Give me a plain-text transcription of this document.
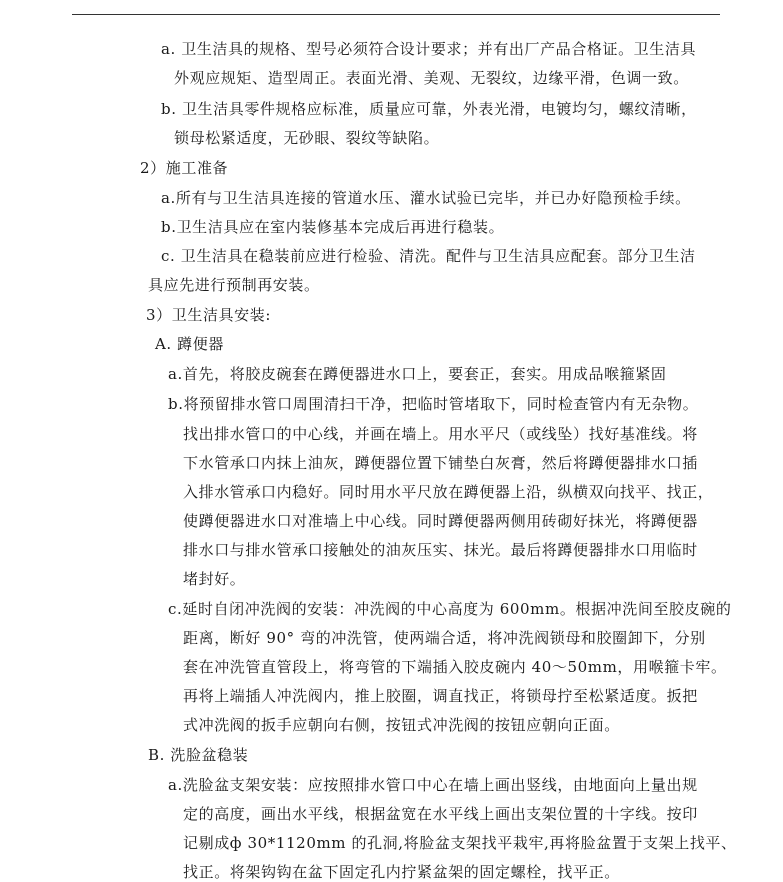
a. 卫生洁具的规格、型号必须符合设计要求；并有出厂产品合格证。卫生洁具
外观应规矩、造型周正。表面光滑、美观、无裂纹，边缘平滑，色调一致。
b. 卫生洁具零件规格应标准，质量应可靠，外表光滑，电镀均匀，螺纹清晰，
锁母松紧适度，无砂眼、裂纹等缺陷。
2）施工准备
a.所有与卫生洁具连接的管道水压、灌水试验已完毕，并已办好隐预检手续。
b.卫生洁具应在室内装修基本完成后再进行稳装。
c. 卫生洁具在稳装前应进行检验、清洗。配件与卫生洁具应配套。部分卫生洁
具应先进行预制再安装。
3）卫生洁具安装:
A. 蹲便器
a.首先，将胶皮碗套在蹲便器进水口上，要套正，套实。用成品喉箍紧固
b.将预留排水管口周围清扫干净，把临时管堵取下，同时检查管内有无杂物。
找出排水管口的中心线，并画在墙上。用水平尺（或线坠）找好基准线。将
下水管承口内抹上油灰，蹲便器位置下铺垫白灰膏，然后将蹲便器排水口插
入排水管承口内稳好。同时用水平尺放在蹲便器上沿，纵横双向找平、找正，
使蹲便器进水口对准墙上中心线。同时蹲便器两侧用砖砌好抹光，将蹲便器
排水口与排水管承口接触处的油灰压实、抹光。最后将蹲便器排水口用临时
堵封好。
c.延时自闭冲洗阀的安装：冲洗阀的中心高度为 600mm。根据冲洗间至胶皮碗的
距离，断好 90° 弯的冲洗管，使两端合适，将冲洗阀锁母和胶圈卸下，分别
套在冲洗管直管段上，将弯管的下端插入胶皮碗内 40～50mm，用喉箍卡牢。
再将上端插人冲洗阀内，推上胶圈，调直找正，将锁母拧至松紧适度。扳把
式冲洗阀的扳手应朝向右侧，按钮式冲洗阀的按钮应朝向正面。
B. 洗脸盆稳装
a.洗脸盆支架安装：应按照排水管口中心在墙上画出竖线，由地面向上量出规
定的高度，画出水平线，根据盆宽在水平线上画出支架位置的十字线。按印
记剔成ф 30*1120mm 的孔洞,将脸盆支架找平栽牢,再将脸盆置于支架上找平、
找正。将架钩钩在盆下固定孔内拧紧盆架的固定螺栓，找平正。
